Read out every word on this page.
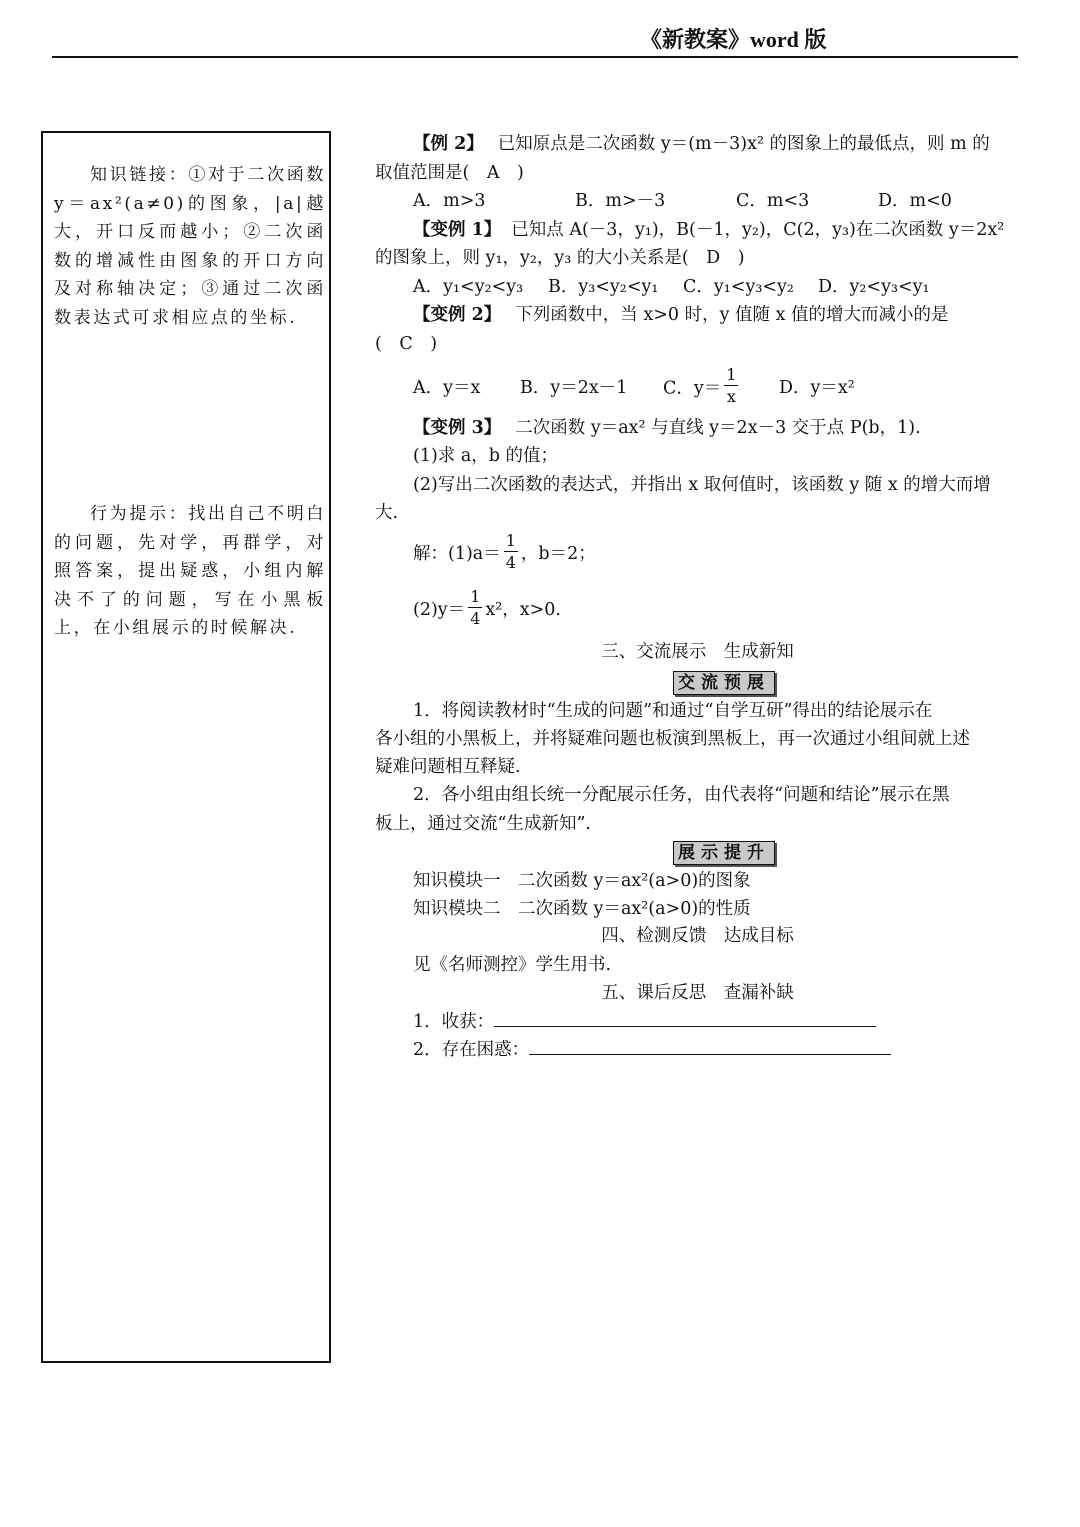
《新教案》word 版
知识链接：①对于二次函数 y＝ax²(a≠0)的图象，|a|越大，开口反而越小；②二次函数的增减性由图象的开口方向及对称轴决定；③通过二次函数表达式可求相应点的坐标.
行为提示：找出自己不明白的问题，先对学，再群学，对照答案，提出疑惑，小组内解决不了的问题，写在小黑板上，在小组展示的时候解决.
【例 2】 已知原点是二次函数 y＝(m－3)x² 的图象上的最低点，则 m 的
取值范围是(　A　)
A．m>3	B．m>－3	C．m<3	D．m<0
【变例 1】 已知点 A(－3，y₁)，B(－1，y₂)，C(2，y₃)在二次函数 y＝2x²
的图象上，则 y₁，y₂，y₃ 的大小关系是(　D　)
A．y₁<y₂<y₃ B．y₃<y₂<y₁ C．y₁<y₃<y₂ D．y₂<y₃<y₁
【变例 2】 下列函数中，当 x>0 时，y 值随 x 值的增大而减小的是
(　C　)
A．y＝x B．y＝2x－1 C．$y= \frac{1}{x}$ D．y＝x²
【变例 3】 二次函数 y＝ax² 与直线 y＝2x－3 交于点 P(b，1).
(1)求 a，b 的值；
(2)写出二次函数的表达式，并指出 x 取何值时，该函数 y 随 x 的增大而增
大.
解：$(1)a= \frac{1}{4}$ ，b＝2；
$(2)y= \frac{1}{4} x^2$，x>0.
三、交流展示　生成新知
交流预展
1．将阅读教材时“生成的问题”和通过“自学互研”得出的结论展示在
各小组的小黑板上，并将疑难问题也板演到黑板上，再一次通过小组间就上述
疑难问题相互释疑.
2．各小组由组长统一分配展示任务，由代表将“问题和结论”展示在黑
板上，通过交流“生成新知”.
展示提升
知识模块一　二次函数 y＝ax²(a>0)的图象
知识模块二　二次函数 y＝ax²(a>0)的性质
四、检测反馈　达成目标
见《名师测控》学生用书.
五、课后反思　查漏补缺
1．收获：
2．存在困惑：
